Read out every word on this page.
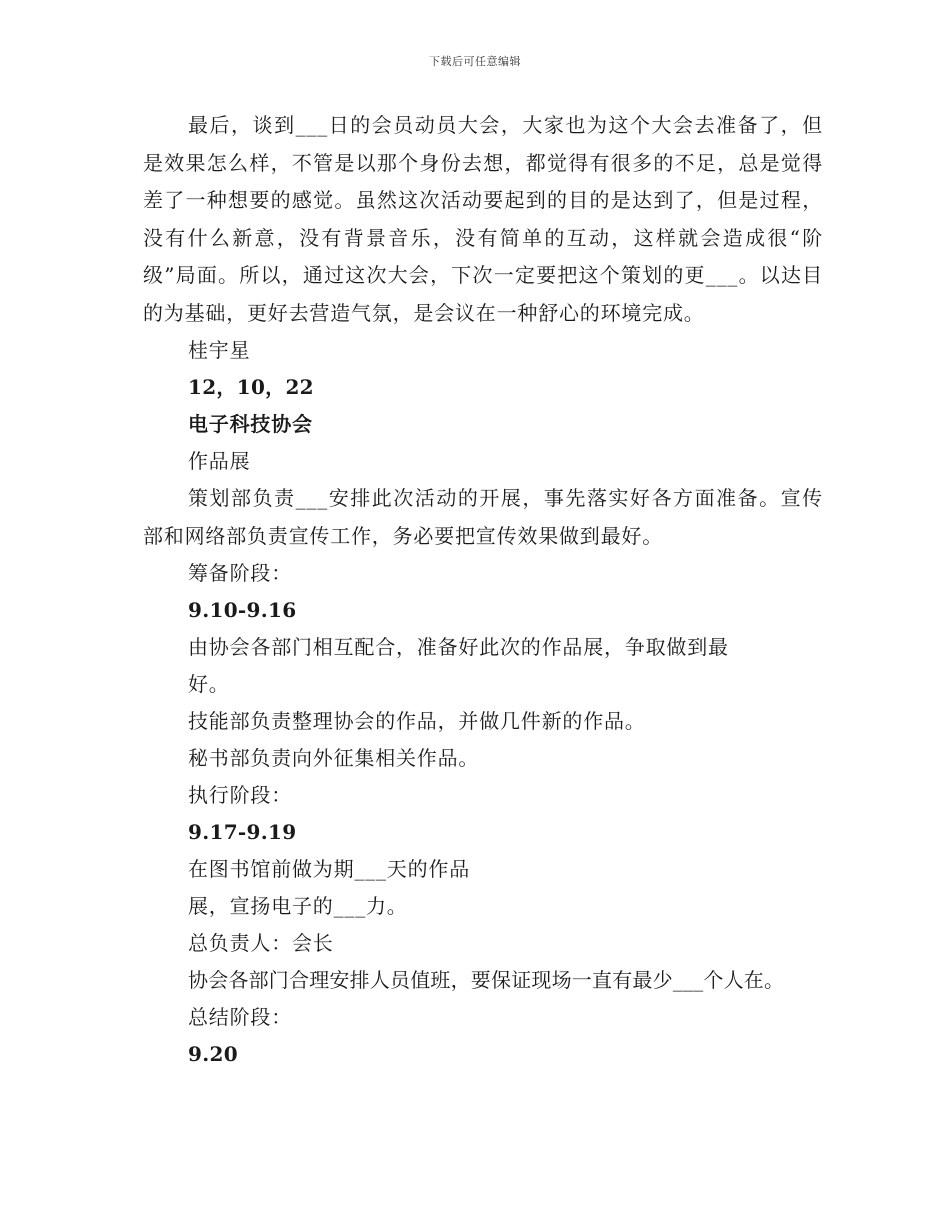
下载后可任意编辑

最后，谈到___日的会员动员大会，大家也为这个大会去准备了，但是效果怎么样，不管是以那个身份去想，都觉得有很多的不足，总是觉得差了一种想要的感觉。虽然这次活动要起到的目的是达到了，但是过程，没有什么新意，没有背景音乐，没有简单的互动，这样就会造成很“阶级”局面。所以，通过这次大会，下次一定要把这个策划的更___。以达目的为基础，更好去营造气氛，是会议在一种舒心的环境完成。

桂宇星

12，10，22

电子科技协会

作品展

策划部负责___安排此次活动的开展，事先落实好各方面准备。宣传部和网络部负责宣传工作，务必要把宣传效果做到最好。

筹备阶段：

9.10-9.16

由协会各部门相互配合，准备好此次的作品展，争取做到最

好。

技能部负责整理协会的作品，并做几件新的作品。

秘书部负责向外征集相关作品。

执行阶段：

9.17-9.19

在图书馆前做为期___天的作品

展，宣扬电子的___力。

总负责人：会长

协会各部门合理安排人员值班，要保证现场一直有最少___个人在。

总结阶段：

9.20
